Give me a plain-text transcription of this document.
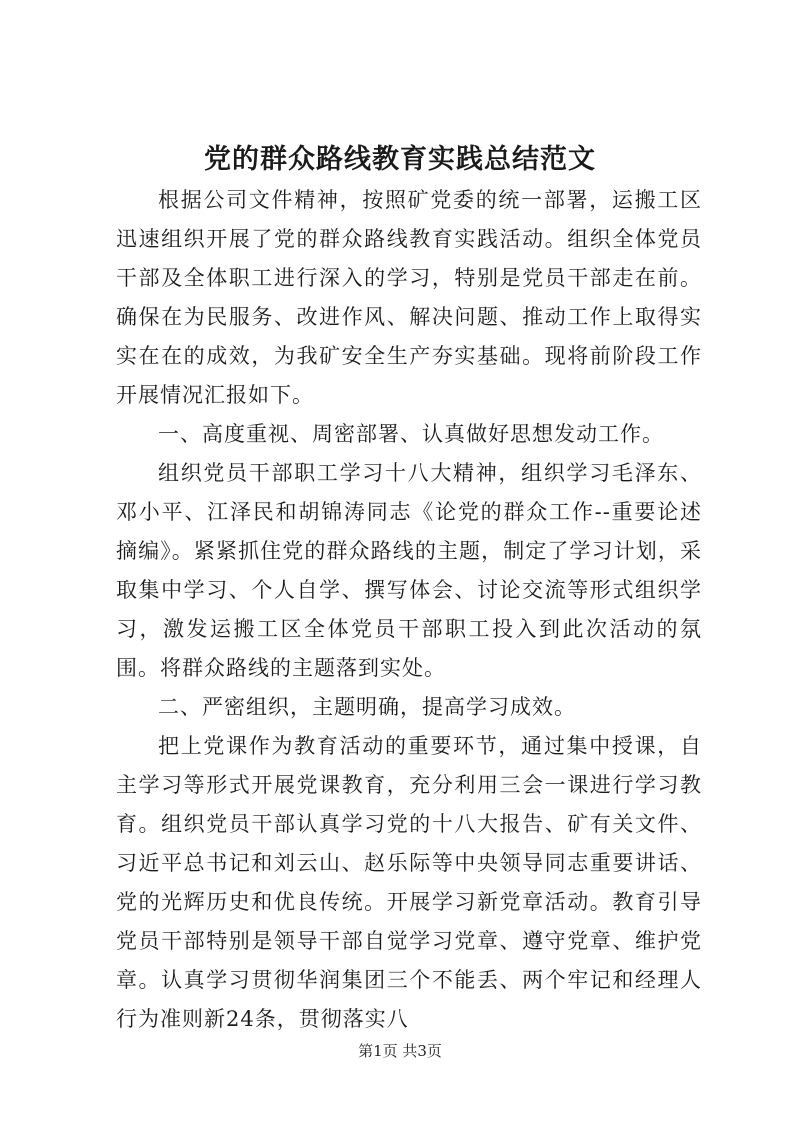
党的群众路线教育实践总结范文

根据公司文件精神，按照矿党委的统一部署，运搬工区迅速组织开展了党的群众路线教育实践活动。组织全体党员干部及全体职工进行深入的学习，特别是党员干部走在前。确保在为民服务、改进作风、解决问题、推动工作上取得实实在在的成效，为我矿安全生产夯实基础。现将前阶段工作开展情况汇报如下。

一、高度重视、周密部署、认真做好思想发动工作。

组织党员干部职工学习十八大精神，组织学习毛泽东、邓小平、江泽民和胡锦涛同志《论党的群众工作--重要论述摘编》。紧紧抓住党的群众路线的主题，制定了学习计划，采取集中学习、个人自学、撰写体会、讨论交流等形式组织学习，激发运搬工区全体党员干部职工投入到此次活动的氛围。将群众路线的主题落到实处。

二、严密组织，主题明确，提高学习成效。

把上党课作为教育活动的重要环节，通过集中授课，自主学习等形式开展党课教育，充分利用三会一课进行学习教育。组织党员干部认真学习党的十八大报告、矿有关文件、习近平总书记和刘云山、赵乐际等中央领导同志重要讲话、党的光辉历史和优良传统。开展学习新党章活动。教育引导党员干部特别是领导干部自觉学习党章、遵守党章、维护党章。认真学习贯彻华润集团三个不能丢、两个牢记和经理人行为准则新24条，贯彻落实八

第1页 共3页
